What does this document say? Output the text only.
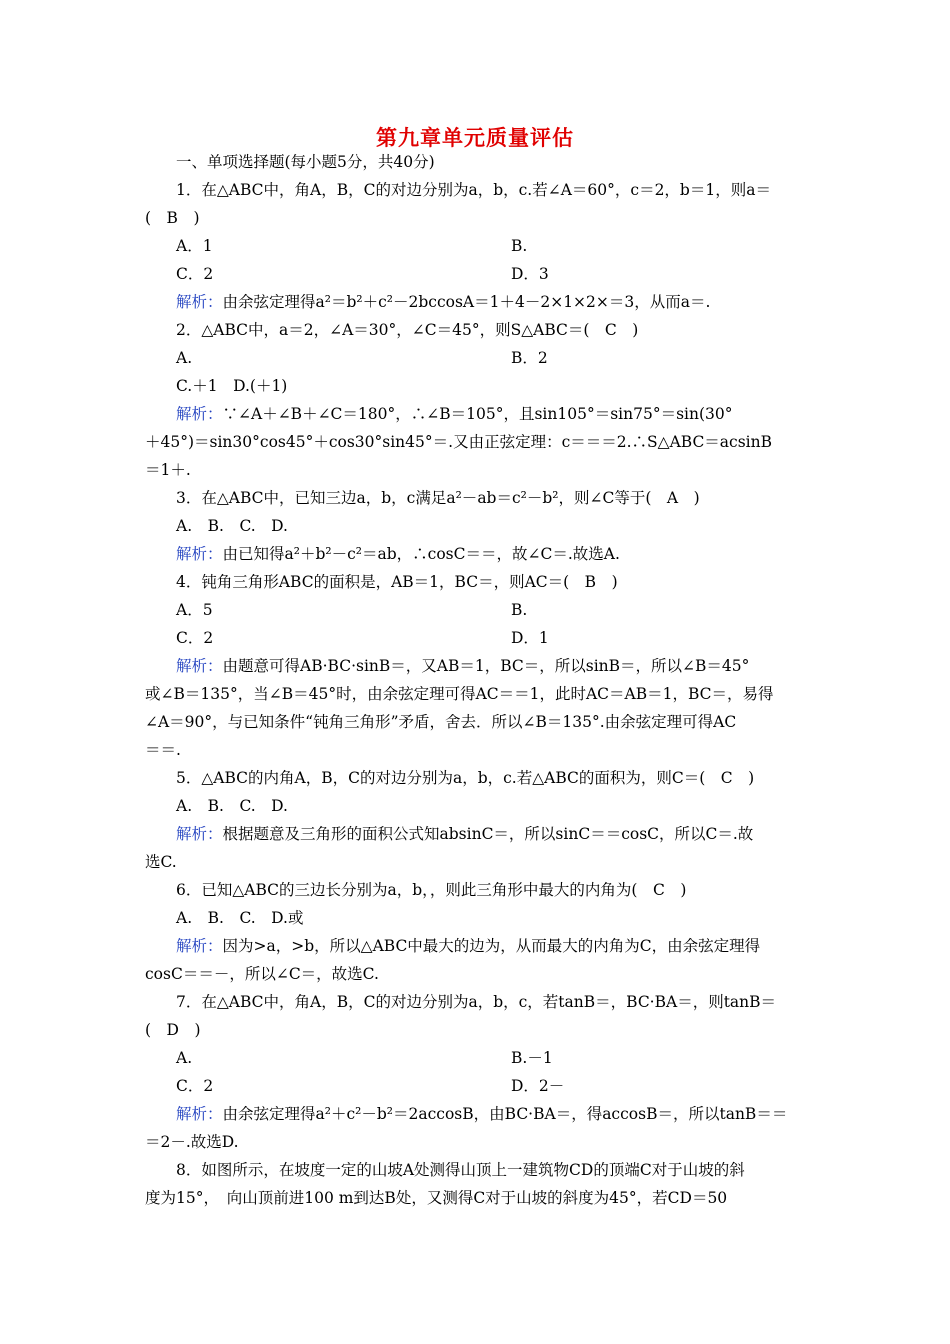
第九章单元质量评估
一、单项选择题(每小题5分，共40分)
1．在△ABC中，角A，B，C的对边分别为a，b，c.若∠A＝60°，c＝2，b＝1，则a＝
(　B　)
A．1	B.
C．2	D．3
解析：由余弦定理得a²＝b²＋c²－2bccosA＝1＋4－2×1×2×＝3，从而a＝.
2．△ABC中，a＝2，∠A＝30°，∠C＝45°，则S△ABC＝(　C　)
A.	B．2
C.＋1　D.(＋1)
解析：∵∠A＋∠B＋∠C＝180°，∴∠B＝105°，且sin105°＝sin75°＝sin(30°
＋45°)＝sin30°cos45°＋cos30°sin45°＝.又由正弦定理：c＝＝＝2.∴S△ABC＝acsinB
＝1＋.
3．在△ABC中，已知三边a，b，c满足a²－ab＝c²－b²，则∠C等于(　A　)
A.　B.　C.　D.
解析：由已知得a²＋b²－c²＝ab，∴cosC＝＝，故∠C＝.故选A.
4．钝角三角形ABC的面积是，AB＝1，BC＝，则AC＝(　B　)
A．5	B.
C．2	D．1
解析：由题意可得AB·BC·sinB＝，又AB＝1，BC＝，所以sinB＝，所以∠B＝45°
或∠B＝135°，当∠B＝45°时，由余弦定理可得AC＝＝1，此时AC＝AB＝1，BC＝，易得
∠A＝90°，与已知条件“钝角三角形”矛盾，舍去．所以∠B＝135°.由余弦定理可得AC
＝＝.
5．△ABC的内角A，B，C的对边分别为a，b，c.若△ABC的面积为，则C＝(　C　)
A.　B.　C.　D.
解析：根据题意及三角形的面积公式知absinC＝，所以sinC＝＝cosC，所以C＝.故
选C.
6．已知△ABC的三边长分别为a，b，，则此三角形中最大的内角为(　C　)
A.　B.　C.　D.或
解析：因为>a，>b，所以△ABC中最大的边为，从而最大的内角为C，由余弦定理得
cosC＝＝－，所以∠C＝，故选C.
7．在△ABC中，角A，B，C的对边分别为a，b，c，若tanB＝，BC·BA＝，则tanB＝
(　D　)
A.	B.－1
C．2	D．2－
解析：由余弦定理得a²＋c²－b²＝2accosB，由BC·BA＝，得accosB＝，所以tanB＝＝
＝2－.故选D.
8．如图所示，在坡度一定的山坡A处测得山顶上一建筑物CD的顶端C对于山坡的斜
度为15°，　向山顶前进100 m到达B处，又测得C对于山坡的斜度为45°，若CD＝50
